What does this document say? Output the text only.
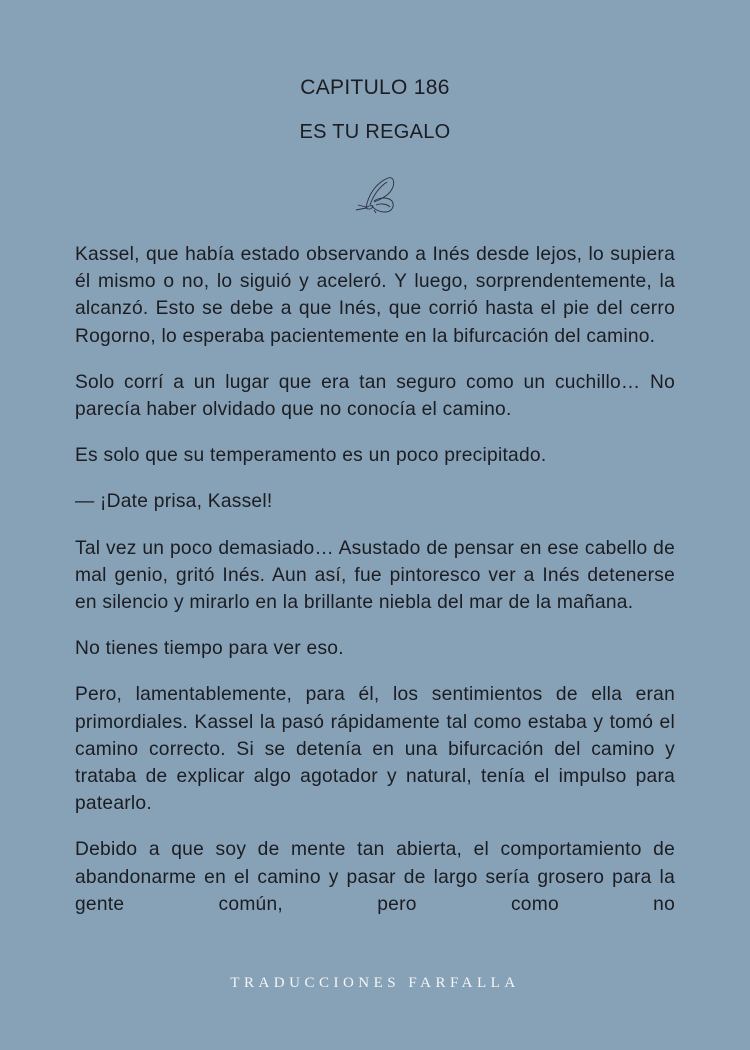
CAPITULO 186
ES TU REGALO

Kassel, que había estado observando a Inés desde lejos, lo supiera él mismo o no, lo siguió y aceleró. Y luego, sorprendentemente, la alcanzó. Esto se debe a que Inés, que corrió hasta el pie del cerro Rogorno, lo esperaba pacientemente en la bifurcación del camino.

Solo corrí a un lugar que era tan seguro como un cuchillo… No parecía haber olvidado que no conocía el camino.

Es solo que su temperamento es un poco precipitado.

— ¡Date prisa, Kassel!

Tal vez un poco demasiado… Asustado de pensar en ese cabello de mal genio, gritó Inés. Aun así, fue pintoresco ver a Inés detenerse en silencio y mirarlo en la brillante niebla del mar de la mañana.

No tienes tiempo para ver eso.

Pero, lamentablemente, para él, los sentimientos de ella eran primordiales. Kassel la pasó rápidamente tal como estaba y tomó el camino correcto. Si se detenía en una bifurcación del camino y trataba de explicar algo agotador y natural, tenía el impulso para patearlo.

Debido a que soy de mente tan abierta, el comportamiento de abandonarme en el camino y pasar de largo sería grosero para la gente común, pero como no

TRADUCCIONES FARFALLA
